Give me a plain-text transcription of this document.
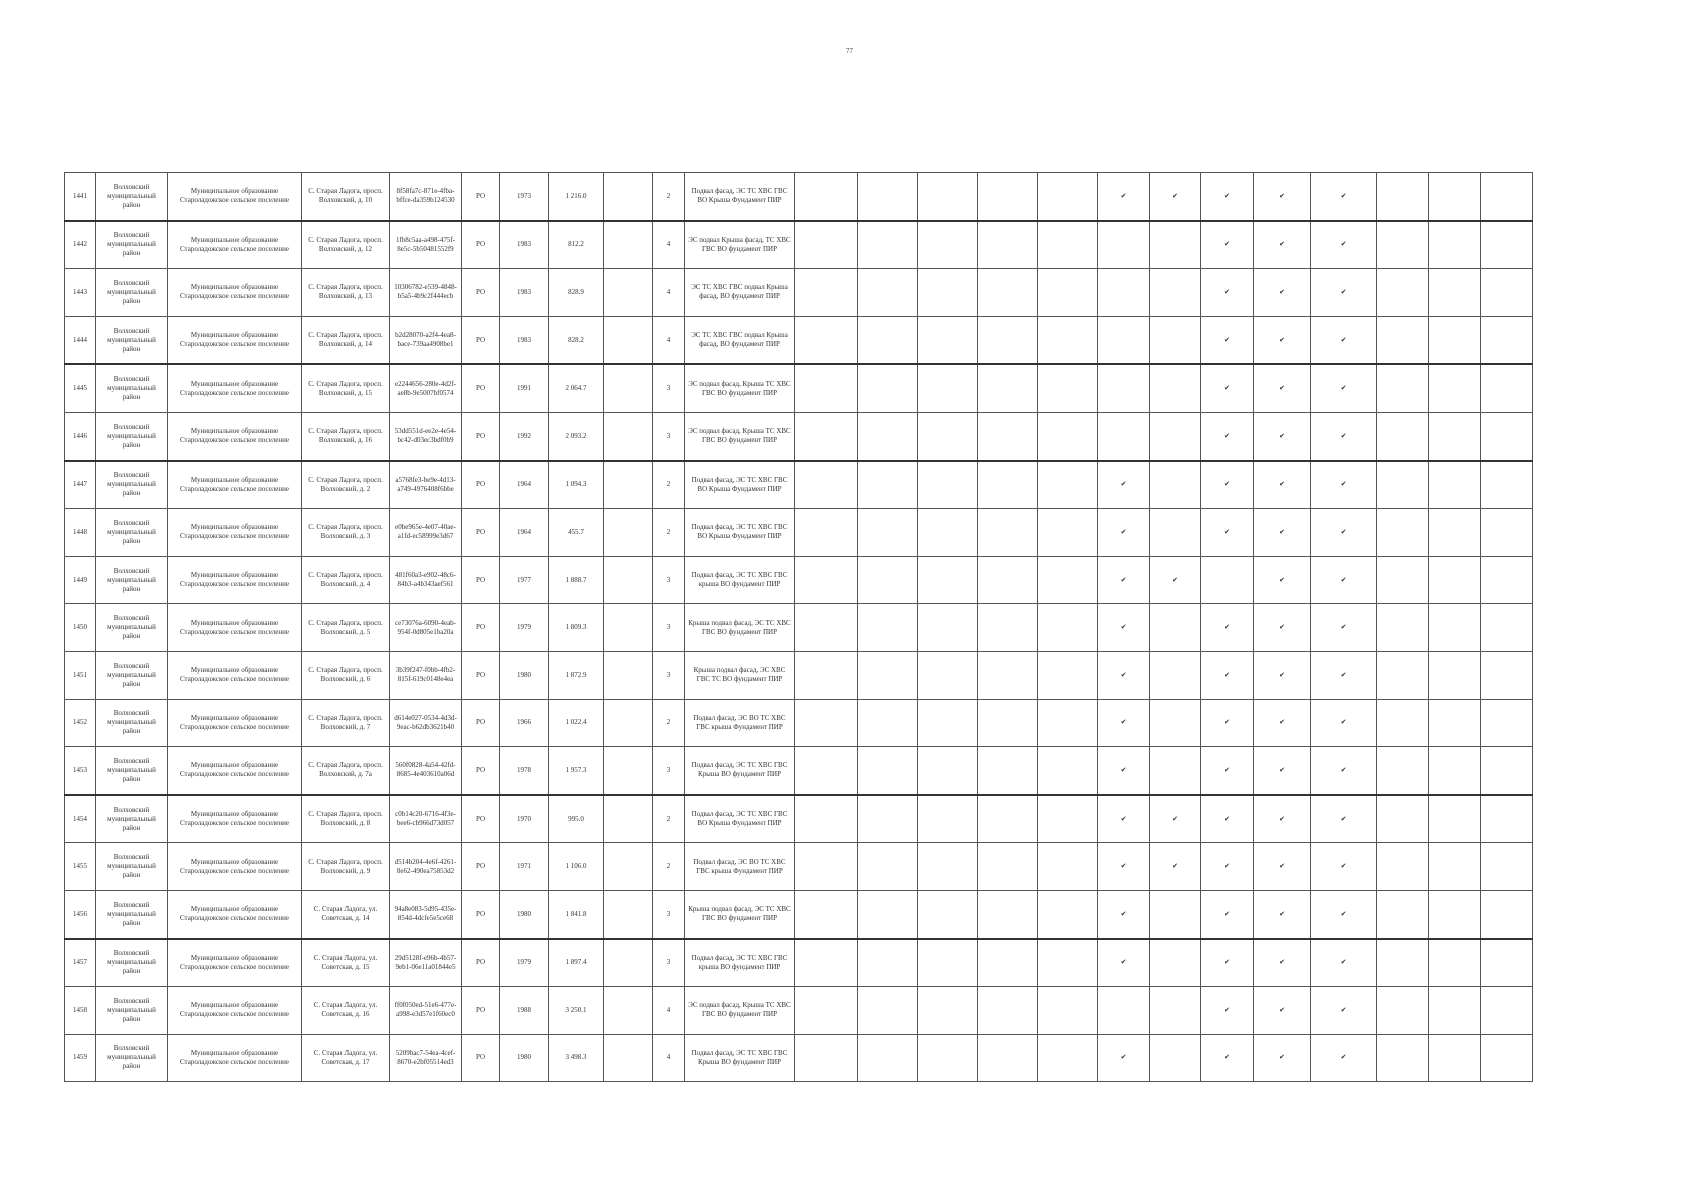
77
1441	Волховский муниципальный район	Муниципальное образование Староладожское сельское поселение	С. Старая Ладога, просп. Волховский, д. 10	8f58fa7c-871e-4fba-bffce-da359b124530	РО	1973	1 216.0		2	Подвал фасад, ЭС ТС ХВС ГВС ВО Крыша Фундамент ПИР						✔	✔	✔	✔	✔			
1442	Волховский муниципальный район	Муниципальное образование Староладожское сельское поселение	С. Старая Ладога, просп. Волховский, д. 12	1fb8c5aa-a498-475f-8e5c-5b50481552f9	РО	1983	812.2		4	ЭС подвал Крыша фасад, ТС ХВС ГВС ВО фундамент ПИР								✔	✔	✔			
1443	Волховский муниципальный район	Муниципальное образование Староладожское сельское поселение	С. Старая Ладога, просп. Волховский, д. 13	10306782-e539-4848-b5a5-4b9c2f444ecb	РО	1983	828.9		4	ЭС ТС ХВС ГВС подвал Крыша фасад, ВО фундамент ПИР								✔	✔	✔			
1444	Волховский муниципальный район	Муниципальное образование Староладожское сельское поселение	С. Старая Ладога, просп. Волховский, д. 14	b2d28070-a2f4-4ea8-bace-739aa4908be1	РО	1983	828.2		4	ЭС ТС ХВС ГВС подвал Крыша фасад, ВО фундамент ПИР								✔	✔	✔			
1445	Волховский муниципальный район	Муниципальное образование Староладожское сельское поселение	С. Старая Ладога, просп. Волховский, д. 15	e2244656-280e-4d2f-ae8b-9e5007bf0574	РО	1991	2 064.7		3	ЭС подвал фасад, Крыша ТС ХВС ГВС ВО фундамент ПИР								✔	✔	✔			
1446	Волховский муниципальный район	Муниципальное образование Староладожское сельское поселение	С. Старая Ладога, просп. Волховский, д. 16	53dd551d-ee2e-4e54-bc42-d03ec3bdf0b9	РО	1992	2 093.2		3	ЭС подвал фасад, Крыша ТС ХВС ГВС ВО фундамент ПИР								✔	✔	✔			
1447	Волховский муниципальный район	Муниципальное образование Староладожское сельское поселение	С. Старая Ладога, просп. Волховский, д. 2	a5768fe3-be9e-4d13-a749-4976408f6bbe	РО	1964	1 094.3		2	Подвал фасад, ЭС ТС ХВС ГВС ВО Крыша Фундамент ПИР						✔		✔	✔	✔			
1448	Волховский муниципальный район	Муниципальное образование Староладожское сельское поселение	С. Старая Ладога, просп. Волховский, д. 3	e0be965e-4e07-40ae-a1fd-ec58999e3d67	РО	1964	455.7		2	Подвал фасад, ЭС ТС ХВС ГВС ВО Крыша Фундамент ПИР						✔		✔	✔	✔			
1449	Волховский муниципальный район	Муниципальное образование Староладожское сельское поселение	С. Старая Ладога, просп. Волховский, д. 4	481f60a3-e902-48c6-84b3-a4b343aef561	РО	1977	1 888.7		3	Подвал фасад, ЭС ТС ХВС ГВС крыша ВО фундамент ПИР						✔	✔		✔	✔			
1450	Волховский муниципальный район	Муниципальное образование Староладожское сельское поселение	С. Старая Ладога, просп. Волховский, д. 5	ce73076a-6090-4eab-954f-0d805e1ba20a	РО	1979	1 809.3		3	Крыша подвал фасад, ЭС ТС ХВС ГВС ВО фундамент ПИР						✔		✔	✔	✔			
1451	Волховский муниципальный район	Муниципальное образование Староладожское сельское поселение	С. Старая Ладога, просп. Волховский, д. 6	3b39f247-f0bb-4fb2-815f-619c0148e4ea	РО	1980	1 872.9		3	Крыша подвал фасад, ЭС ХВС ГВС ТС ВО фундамент ПИР						✔		✔	✔	✔			
1452	Волховский муниципальный район	Муниципальное образование Староладожское сельское поселение	С. Старая Ладога, просп. Волховский, д. 7	d614e027-0534-4d3d-9eac-b62db3621b40	РО	1966	1 022.4		2	Подвал фасад, ЭС ВО ТС ХВС ГВС крыша Фундамент ПИР						✔		✔	✔	✔			
1453	Волховский муниципальный район	Муниципальное образование Староладожское сельское поселение	С. Старая Ладога, просп. Волховский, д. 7а	560f0828-4a54-42fd-8685-4e403610a06d	РО	1978	1 957.3		3	Подвал фасад, ЭС ТС ХВС ГВС Крыша ВО фундамент ПИР						✔		✔	✔	✔			
1454	Волховский муниципальный район	Муниципальное образование Староладожское сельское поселение	С. Старая Ладога, просп. Волховский, д. 8	c0b14c20-6716-4f3e-bee6-cb966d73d057	РО	1970	995.0		2	Подвал фасад, ЭС ТС ХВС ГВС ВО Крыша Фундамент ПИР						✔	✔	✔	✔	✔			
1455	Волховский муниципальный район	Муниципальное образование Староладожское сельское поселение	С. Старая Ладога, просп. Волховский, д. 9	d514b204-4e6f-4261-8e62-490ea75853d2	РО	1971	1 106.0		2	Подвал фасад, ЭС ВО ТС ХВС ГВС крыша Фундамент ПИР						✔	✔	✔	✔	✔			
1456	Волховский муниципальный район	Муниципальное образование Староладожское сельское поселение	С. Старая Ладога, ул. Советская, д. 14	94a8e083-5d95-435e-854d-4dcfe5e5ce68	РО	1980	1 841.8		3	Крыша подвал фасад, ЭС ТС ХВС ГВС ВО фундамент ПИР						✔		✔	✔	✔			
1457	Волховский муниципальный район	Муниципальное образование Староладожское сельское поселение	С. Старая Ладога, ул. Советская, д. 15	29d5128f-e96b-4b57-9eb1-06e11a01844e5	РО	1979	1 897.4		3	Подвал фасад, ЭС ТС ХВС ГВС крыша ВО фундамент ПИР						✔		✔	✔	✔			
1458	Волховский муниципальный район	Муниципальное образование Староладожское сельское поселение	С. Старая Ладога, ул. Советская, д. 16	ff0f050ed-51e6-477e-a998-e3d57e1f60ec0	РО	1988	3 250.1		4	ЭС подвал фасад, Крыша ТС ХВС ГВС ВО фундамент ПИР								✔	✔	✔			
1459	Волховский муниципальный район	Муниципальное образование Староладожское сельское поселение	С. Старая Ладога, ул. Советская, д. 17	5209bac7-54ea-4cef-8670-e2bf05514ed3	РО	1980	3 498.3		4	Подвал фасад, ЭС ТС ХВС ГВС Крыша ВО фундамент ПИР						✔		✔	✔	✔			
